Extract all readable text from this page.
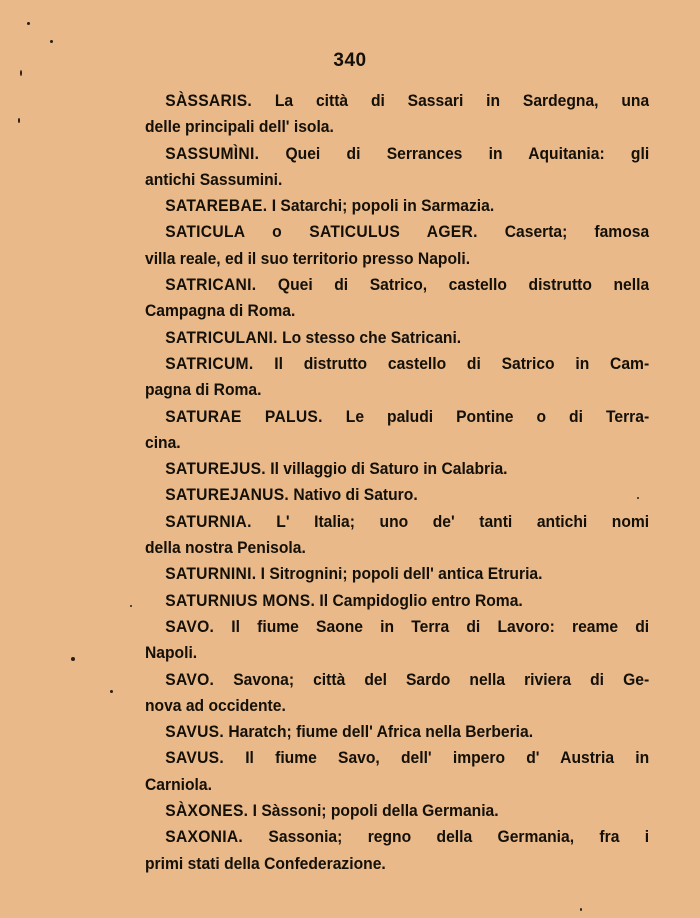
340
SÀSSARIS. La città di Sassari in Sardegna, una
delle principali dell' isola.
SASSUMÌNI. Quei di Serrances in Aquitania: gli
antichi Sassumini.
SATAREBAE. I Satarchi; popoli in Sarmazia.
SATICULA o SATICULUS AGER. Caserta; famosa
villa reale, ed il suo territorio presso Napoli.
SATRICANI. Quei di Satrico, castello distrutto nella
Campagna di Roma.
SATRICULANI. Lo stesso che Satricani.
SATRICUM. Il distrutto castello di Satrico in Cam-
pagna di Roma.
SATURAE PALUS. Le paludi Pontine o di Terra-
cina.
SATUREJUS. Il villaggio di Saturo in Calabria.
SATUREJANUS. Nativo di Saturo.
SATURNIA. L' Italia; uno de' tanti antichi nomi
della nostra Penisola.
SATURNINI. I Sitrognini; popoli dell' antica Etruria.
SATURNIUS MONS. Il Campidoglio entro Roma.
SAVO. Il fiume Saone in Terra di Lavoro: reame di
Napoli.
SAVO. Savona; città del Sardo nella riviera di Ge-
nova ad occidente.
SAVUS. Haratch; fiume dell' Africa nella Berberia.
SAVUS. Il fiume Savo, dell' impero d' Austria in
Carniola.
SÀXONES. I Sàssoni; popoli della Germania.
SAXONIA. Sassonia; regno della Germania, fra i
primi stati della Confederazione.
